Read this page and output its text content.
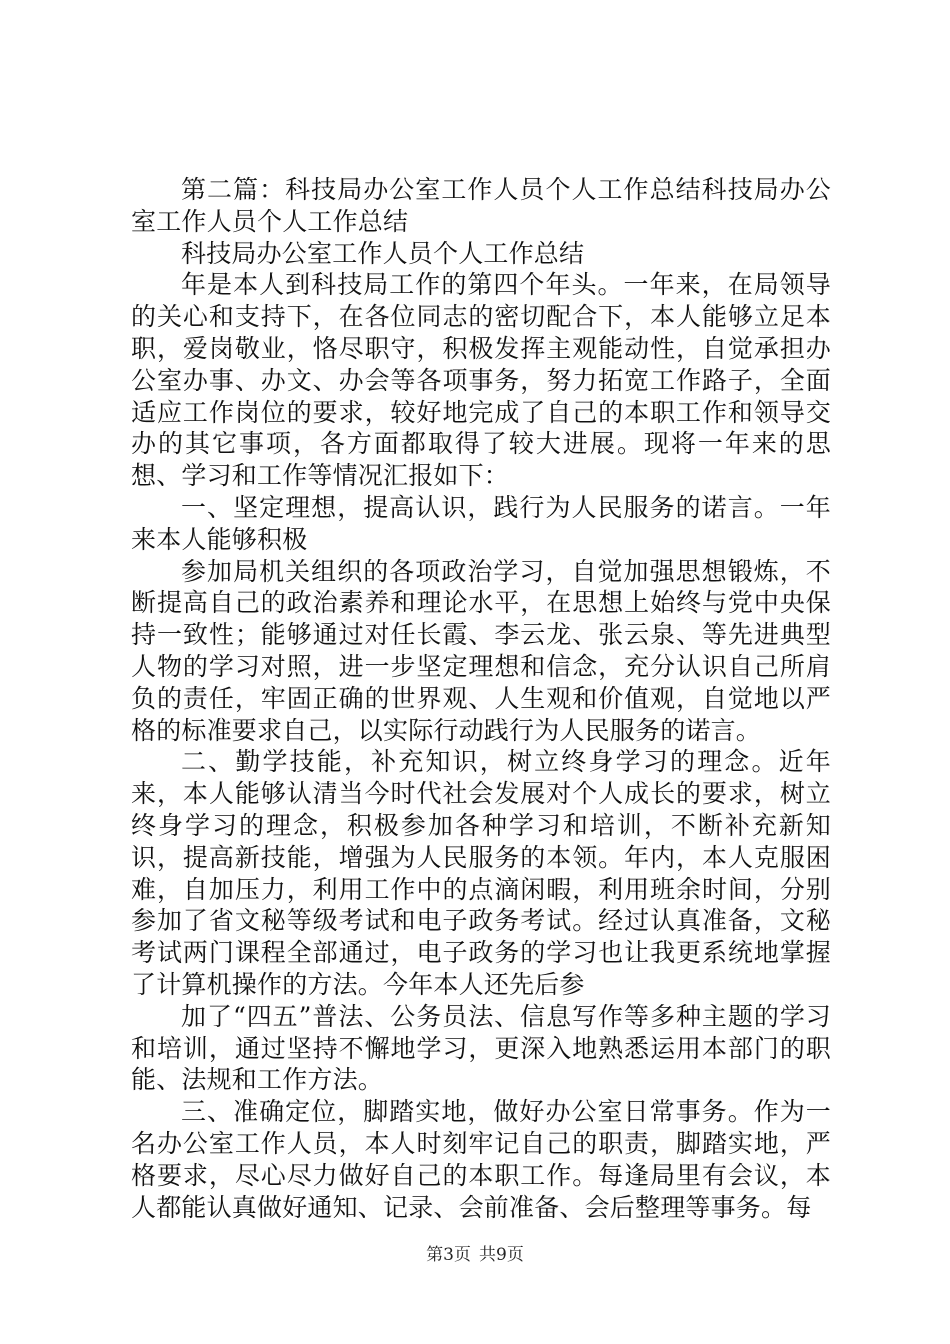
第二篇：科技局办公室工作人员个人工作总结科技局办公室工作人员个人工作总结

科技局办公室工作人员个人工作总结

年是本人到科技局工作的第四个年头。一年来，在局领导的关心和支持下，在各位同志的密切配合下，本人能够立足本职，爱岗敬业，恪尽职守，积极发挥主观能动性，自觉承担办公室办事、办文、办会等各项事务，努力拓宽工作路子，全面适应工作岗位的要求，较好地完成了自己的本职工作和领导交办的其它事项，各方面都取得了较大进展。现将一年来的思想、学习和工作等情况汇报如下：

一、坚定理想，提高认识，践行为人民服务的诺言。一年来本人能够积极

参加局机关组织的各项政治学习，自觉加强思想锻炼，不断提高自己的政治素养和理论水平，在思想上始终与党中央保持一致性；能够通过对任长霞、李云龙、张云泉、等先进典型人物的学习对照，进一步坚定理想和信念，充分认识自己所肩负的责任，牢固正确的世界观、人生观和价值观，自觉地以严格的标准要求自己，以实际行动践行为人民服务的诺言。

二、勤学技能，补充知识，树立终身学习的理念。近年来，本人能够认清当今时代社会发展对个人成长的要求，树立终身学习的理念，积极参加各种学习和培训，不断补充新知识，提高新技能，增强为人民服务的本领。年内，本人克服困难，自加压力，利用工作中的点滴闲暇，利用班余时间，分别参加了省文秘等级考试和电子政务考试。经过认真准备，文秘考试两门课程全部通过，电子政务的学习也让我更系统地掌握了计算机操作的方法。今年本人还先后参

加了“四五”普法、公务员法、信息写作等多种主题的学习和培训，通过坚持不懈地学习，更深入地熟悉运用本部门的职能、法规和工作方法。

三、准确定位，脚踏实地，做好办公室日常事务。作为一名办公室工作人员，本人时刻牢记自己的职责，脚踏实地，严格要求，尽心尽力做好自己的本职工作。每逢局里有会议，本人都能认真做好通知、记录、会前准备、会后整理等事务。每

第3页 共9页
